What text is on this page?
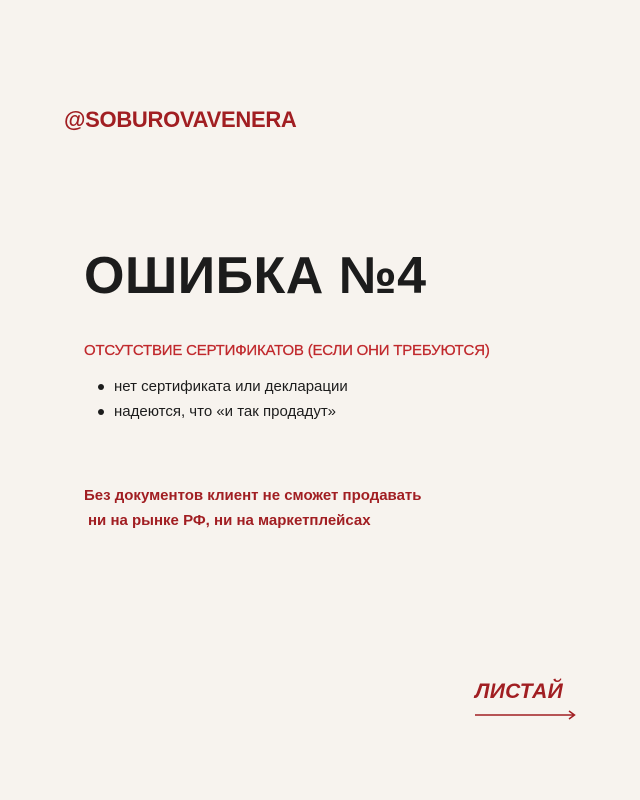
@SOBUROVAVENERA
ОШИБКА №4
ОТСУТСТВИЕ СЕРТИФИКАТОВ (ЕСЛИ ОНИ ТРЕБУЮТСЯ)
нет сертификата или декларации
надеются, что «и так продадут»
Без документов клиент не сможет продавать
ни на рынке РФ, ни на маркетплейсах
ЛИСТАЙ
